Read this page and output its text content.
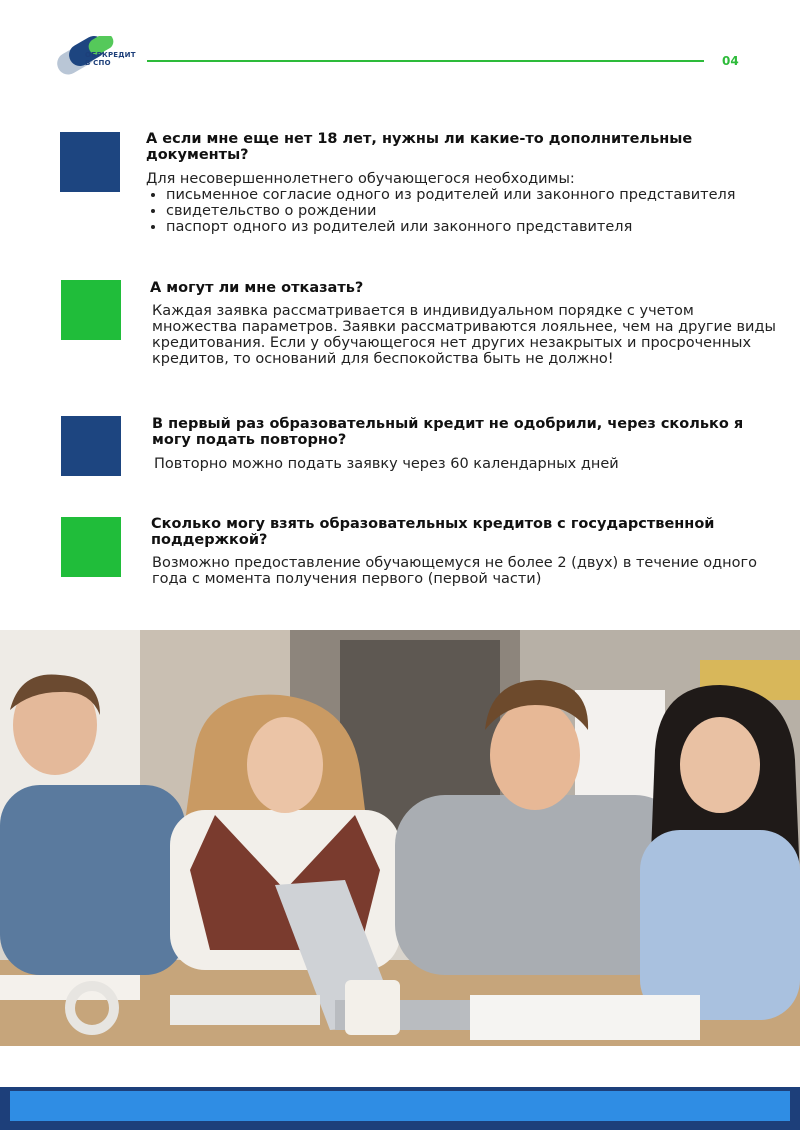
ОБРКРЕДИТ
В СПО	04
А если мне еще нет 18 лет, нужны ли какие-то дополнительные документы?
Для несовершеннолетнего обучающегося необходимы:
• письменное согласие одного из родителей или законного представителя
• свидетельство о рождении
• паспорт одного из родителей или законного представителя
А могут ли мне отказать?
Каждая заявка рассматривается в индивидуальном порядке с учетом множества параметров. Заявки рассматриваются лояльнее, чем на другие виды кредитования. Если у обучающегося нет других незакрытых и просроченных кредитов, то оснований для беспокойства быть не должно!
В первый раз образовательный кредит не одобрили, через сколько я могу подать повторно?
Повторно можно подать заявку через 60 календарных дней
Сколько могу взять образовательных кредитов с государственной поддержкой?
Возможно предоставление обучающемуся не более 2 (двух) в течение одного года с момента получения первого (первой части)
